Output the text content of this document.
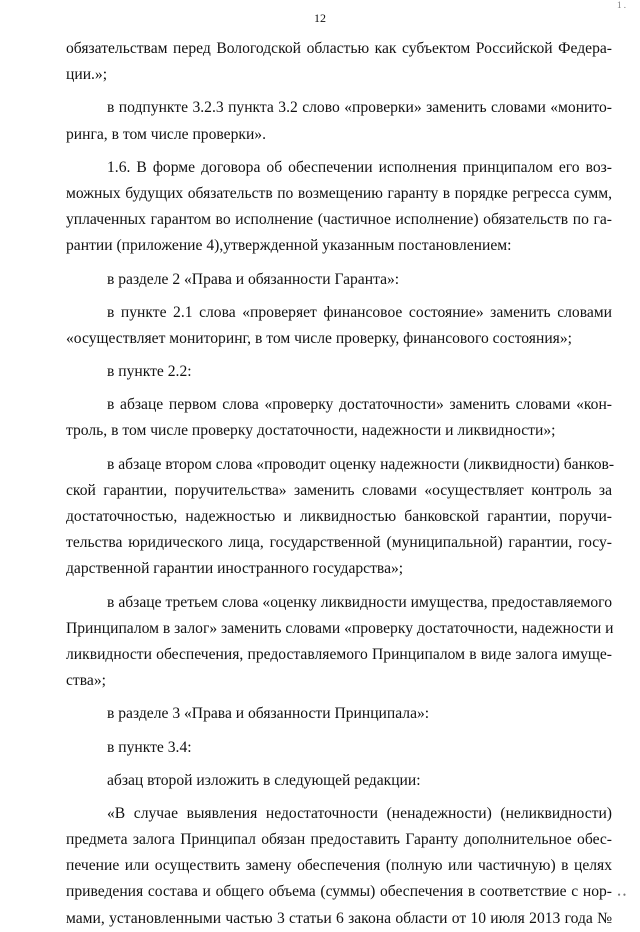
12
1 .
обязательствам перед Вологодской областью как субъектом Российской Федера-
ции.»;
в подпункте 3.2.3 пункта 3.2 слово «проверки» заменить словами «монито-
ринга, в том числе проверки».
1.6. В форме договора об обеспечении исполнения принципалом его воз-
можных будущих обязательств по возмещению гаранту в порядке регресса сумм,
уплаченных гарантом во исполнение (частичное исполнение) обязательств по га-
рантии (приложение 4),утвержденной указанным постановлением:
в разделе 2 «Права и обязанности Гаранта»:
в пункте 2.1 слова «проверяет финансовое состояние» заменить словами
«осуществляет мониторинг, в том числе проверку, финансового состояния»;
в пункте 2.2:
в абзаце первом слова «проверку достаточности» заменить словами «кон-
троль, в том числе проверку достаточности, надежности и ликвидности»;
в абзаце втором слова «проводит оценку надежности (ликвидности) банков-
ской гарантии, поручительства» заменить словами «осуществляет контроль за
достаточностью, надежностью и ликвидностью банковской гарантии, поручи-
тельства юридического лица, государственной (муниципальной) гарантии, госу-
дарственной гарантии иностранного государства»;
в абзаце третьем слова «оценку ликвидности имущества, предоставляемого
Принципалом в залог» заменить словами «проверку достаточности, надежности и
ликвидности обеспечения, предоставляемого Принципалом в виде залога имуще-
ства»;
в разделе 3 «Права и обязанности Принципала»:
в пункте 3.4:
абзац второй изложить в следующей редакции:
«В случае выявления недостаточности (ненадежности) (неликвидности)
предмета залога Принципал обязан предоставить Гаранту дополнительное обес-
печение или осуществить замену обеспечения (полную или частичную) в целях
приведения состава и общего объема (суммы) обеспечения в соответствие с нор-
мами, установленными частью 3 статьи 6 закона области от 10 июля 2013 года №
• •
